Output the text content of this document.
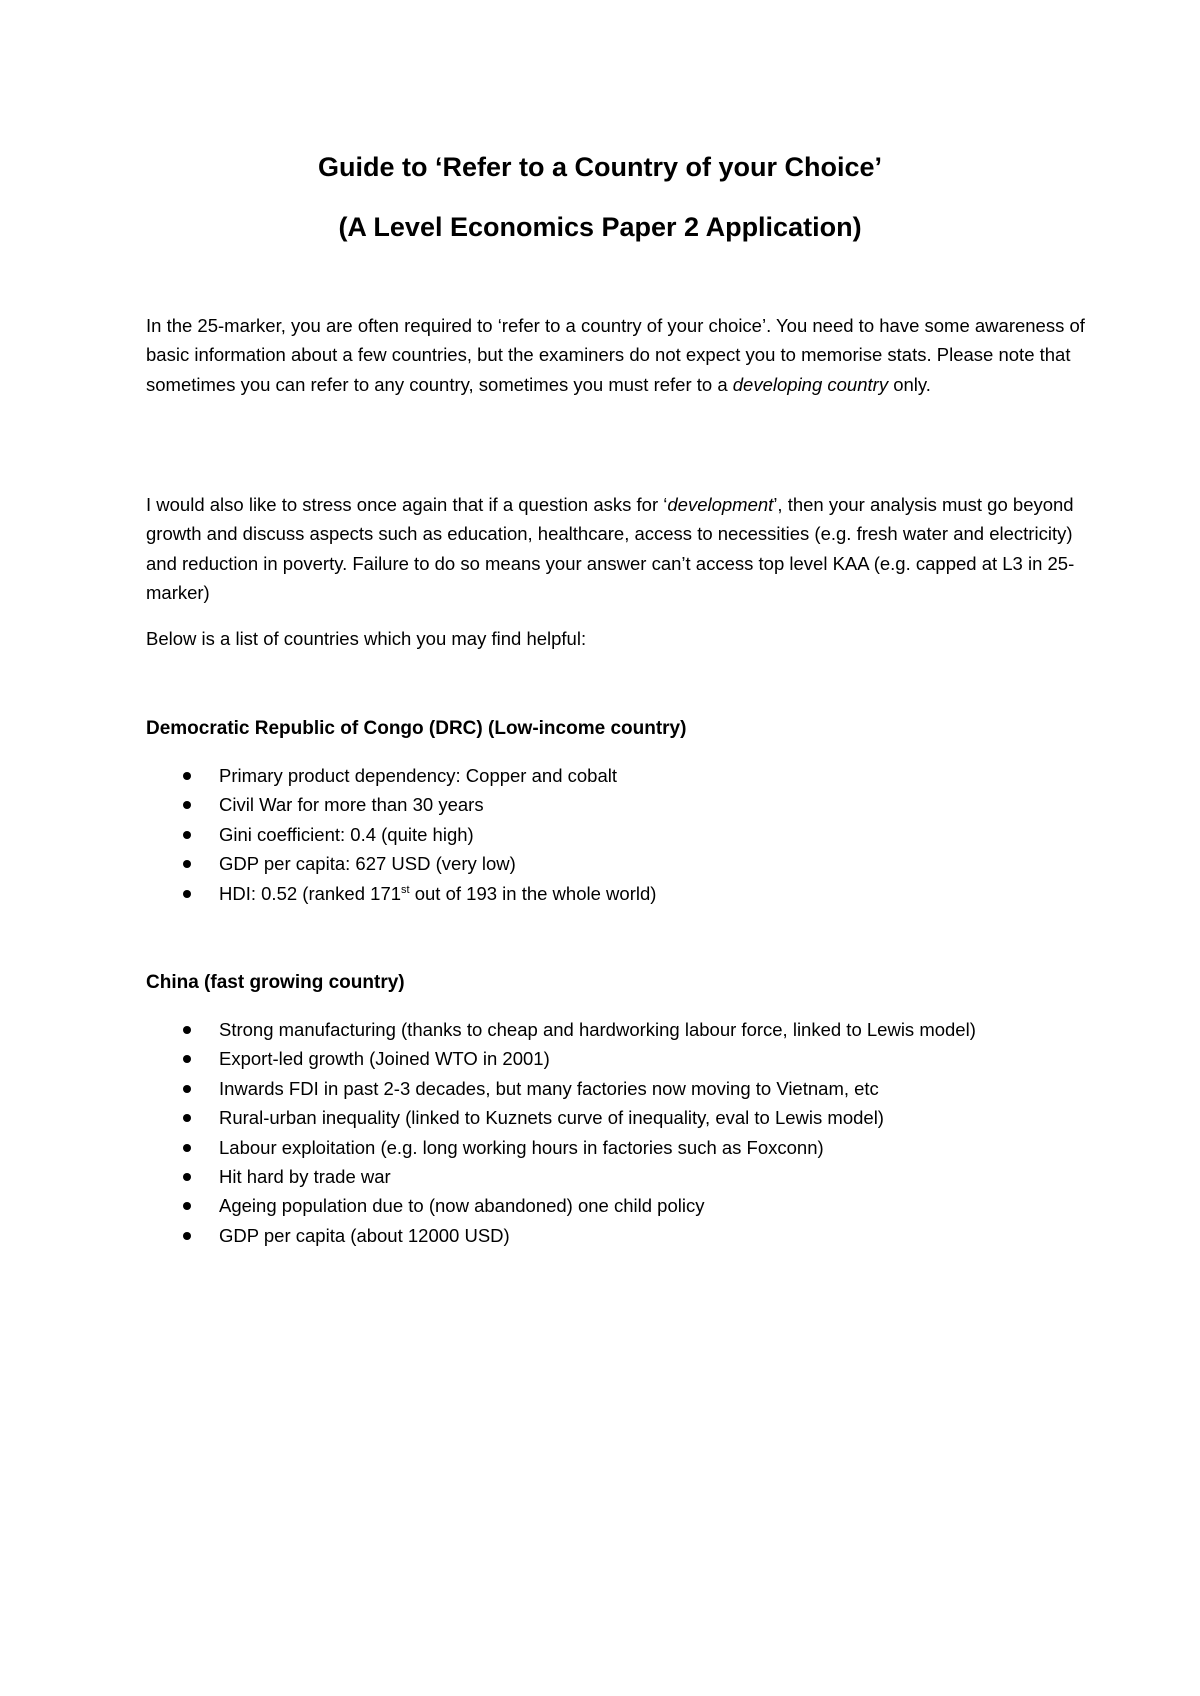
Guide to ‘Refer to a Country of your Choice’
(A Level Economics Paper 2 Application)

In the 25-marker, you are often required to ‘refer to a country of your choice’. You need to have some awareness of basic information about a few countries, but the examiners do not expect you to memorise stats. Please note that sometimes you can refer to any country, sometimes you must refer to a developing country only.

I would also like to stress once again that if a question asks for ‘development’, then your analysis must go beyond growth and discuss aspects such as education, healthcare, access to necessities (e.g. fresh water and electricity) and reduction in poverty. Failure to do so means your answer can’t access top level KAA (e.g. capped at L3 in 25-marker)

Below is a list of countries which you may find helpful:

Democratic Republic of Congo (DRC) (Low-income country)
Primary product dependency: Copper and cobalt
Civil War for more than 30 years
Gini coefficient: 0.4 (quite high)
GDP per capita: 627 USD (very low)
HDI: 0.52 (ranked 171st out of 193 in the whole world)
China (fast growing country)
Strong manufacturing (thanks to cheap and hardworking labour force, linked to Lewis model)
Export-led growth (Joined WTO in 2001)
Inwards FDI in past 2-3 decades, but many factories now moving to Vietnam, etc
Rural-urban inequality (linked to Kuznets curve of inequality, eval to Lewis model)
Labour exploitation (e.g. long working hours in factories such as Foxconn)
Hit hard by trade war
Ageing population due to (now abandoned) one child policy
GDP per capita (about 12000 USD)
